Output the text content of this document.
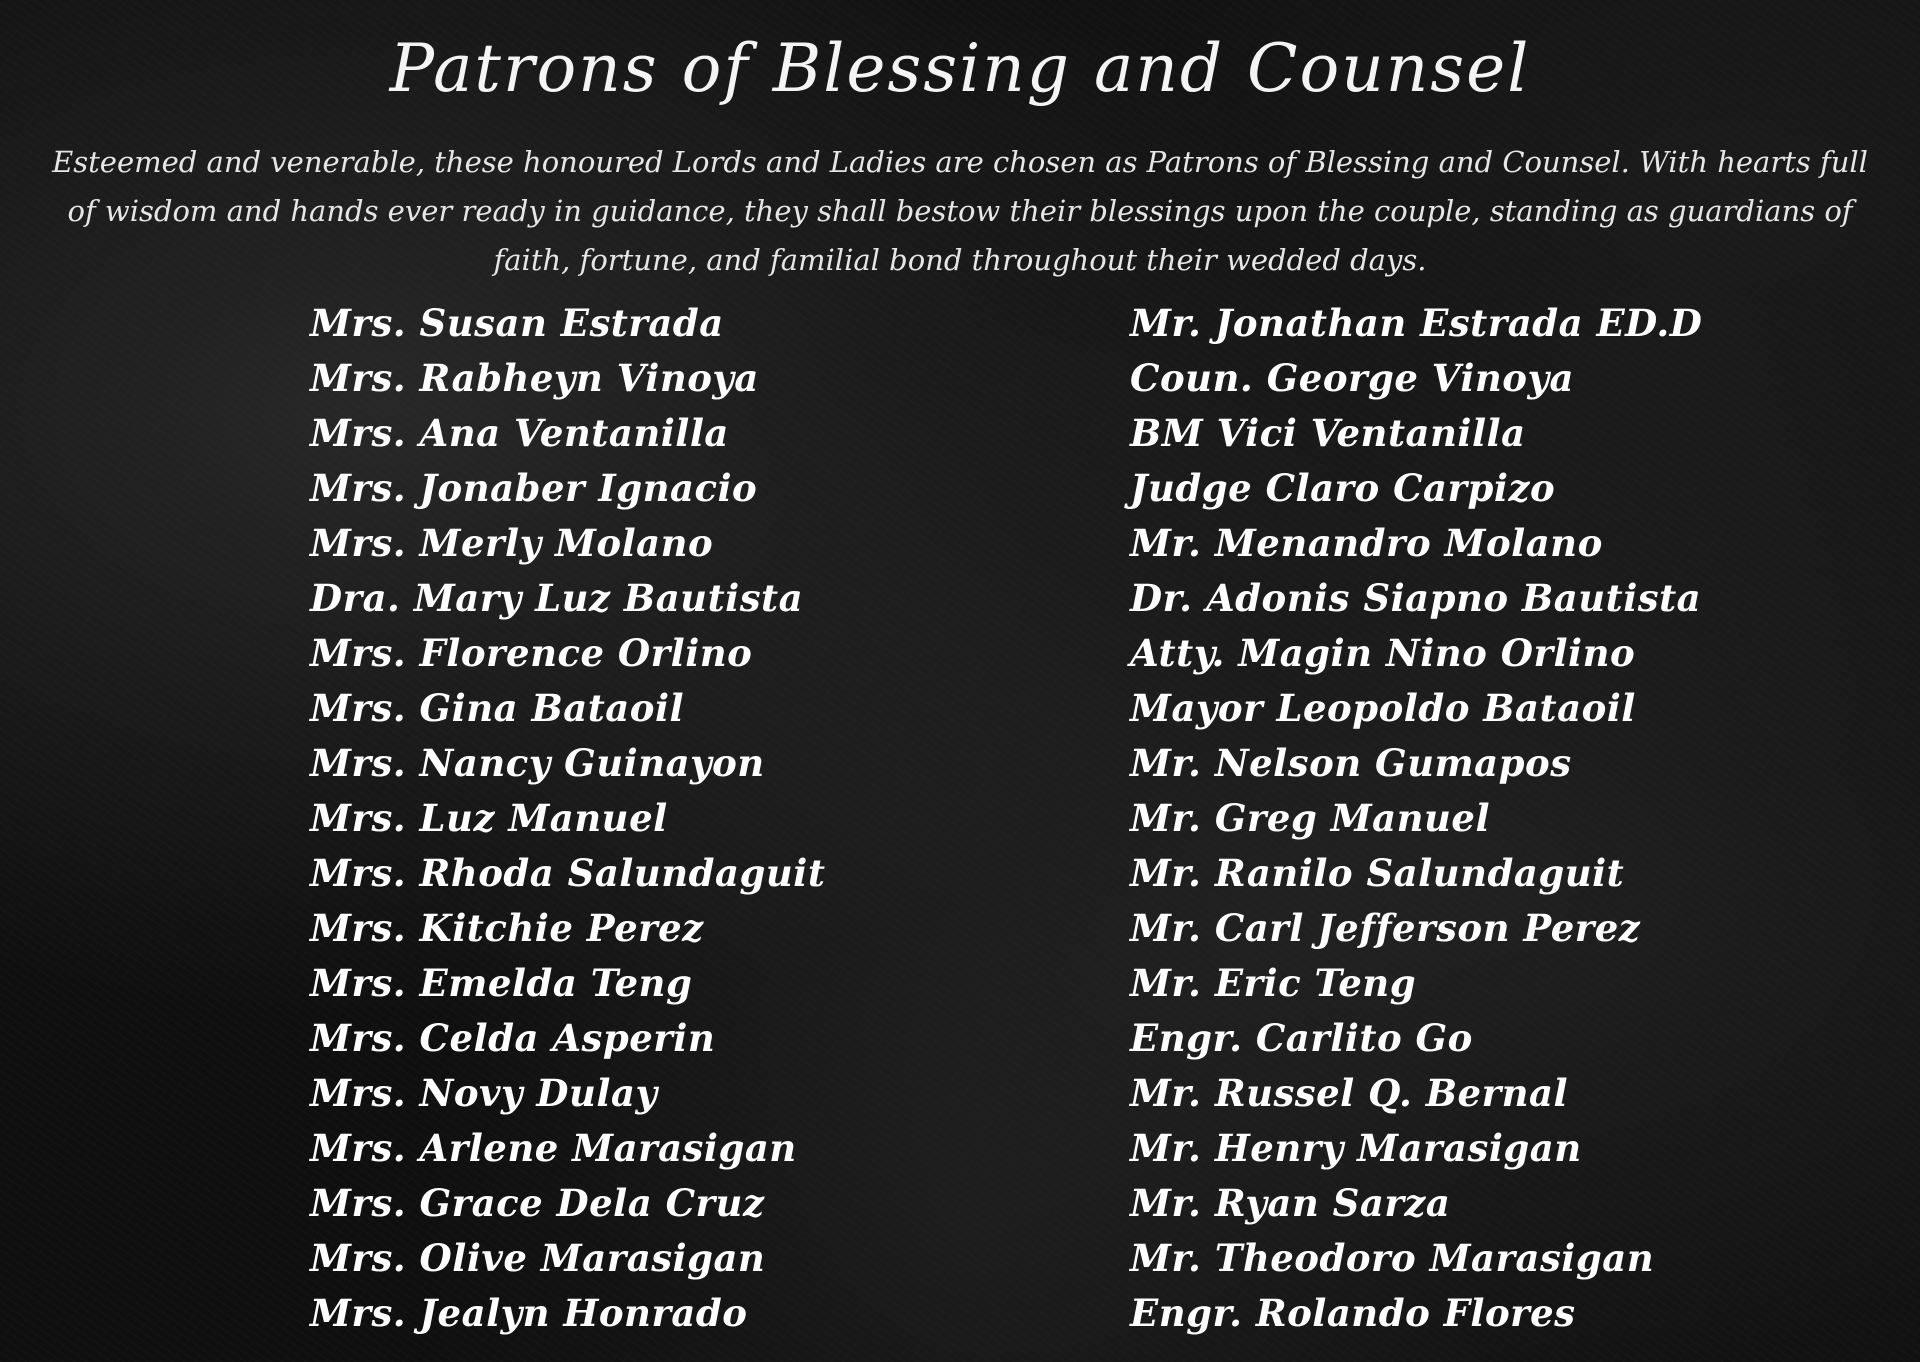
Patrons of Blessing and Counsel

Esteemed and venerable, these honoured Lords and Ladies are chosen as Patrons of Blessing and Counsel. With hearts full of wisdom and hands ever ready in guidance, they shall bestow their blessings upon the couple, standing as guardians of faith, fortune, and familial bond throughout their wedded days.

Mrs. Susan Estrada
Mrs. Rabheyn Vinoya
Mrs. Ana Ventanilla
Mrs. Jonaber Ignacio
Mrs. Merly Molano
Dra. Mary Luz Bautista
Mrs. Florence Orlino
Mrs. Gina Bataoil
Mrs. Nancy Guinayon
Mrs. Luz Manuel
Mrs. Rhoda Salundaguit
Mrs. Kitchie Perez
Mrs. Emelda Teng
Mrs. Celda Asperin
Mrs. Novy Dulay
Mrs. Arlene Marasigan
Mrs. Grace Dela Cruz
Mrs. Olive Marasigan
Mrs. Jealyn Honrado
Mr. Jonathan Estrada ED.D
Coun. George Vinoya
BM Vici Ventanilla
Judge Claro Carpizo
Mr. Menandro Molano
Dr. Adonis Siapno Bautista
Atty. Magin Nino Orlino
Mayor Leopoldo Bataoil
Mr. Nelson Gumapos
Mr. Greg Manuel
Mr. Ranilo Salundaguit
Mr. Carl Jefferson Perez
Mr. Eric Teng
Engr. Carlito Go
Mr. Russel Q. Bernal
Mr. Henry Marasigan
Mr. Ryan Sarza
Mr. Theodoro Marasigan
Engr. Rolando Flores
